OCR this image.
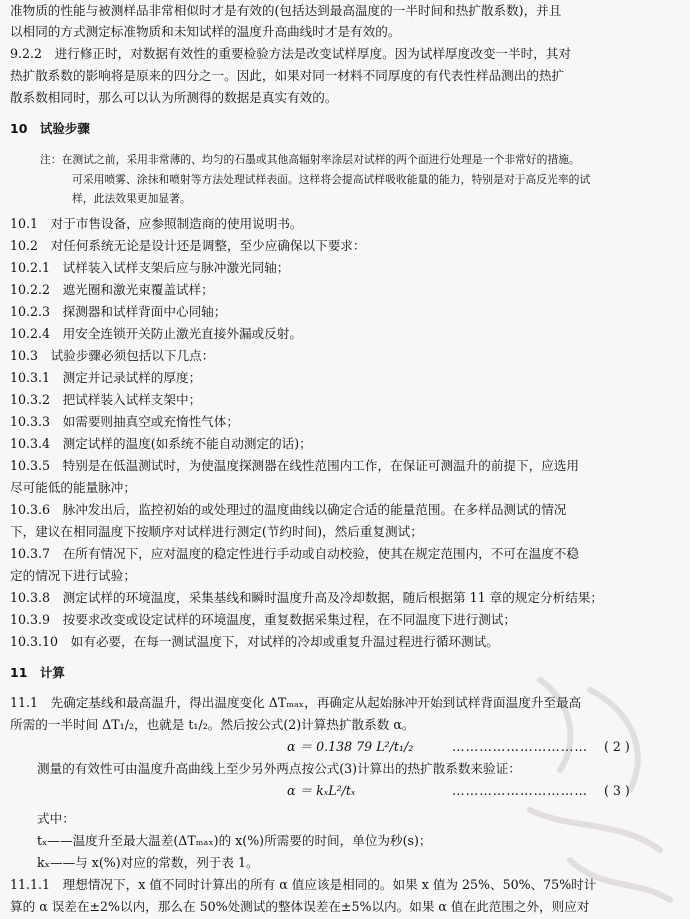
准物质的性能与被测样品非常相似时才是有效的(包括达到最高温度的一半时间和热扩散系数)，并且
以相同的方式测定标准物质和未知试样的温度升高曲线时才是有效的。
9.2.2　进行修正时，对数据有效性的重要检验方法是改变试样厚度。因为试样厚度改变一半时，其对
热扩散系数的影响将是原来的四分之一。因此，如果对同一材料不同厚度的有代表性样品测出的热扩
散系数相同时，那么可以认为所测得的数据是真实有效的。
10　试验步骤
注：在测试之前，采用非常薄的、均匀的石墨或其他高辐射率涂层对试样的两个面进行处理是一个非常好的措施。
可采用喷雾、涂抹和喷射等方法处理试样表面。这样将会提高试样吸收能量的能力，特别是对于高反光率的试
样，此法效果更加显著。
10.1　对于市售设备，应参照制造商的使用说明书。
10.2　对任何系统无论是设计还是调整，至少应确保以下要求：
10.2.1　试样装入试样支架后应与脉冲激光同轴；
10.2.2　遮光圈和激光束覆盖试样；
10.2.3　探测器和试样背面中心同轴；
10.2.4　用安全连锁开关防止激光直接外漏或反射。
10.3　试验步骤必须包括以下几点：
10.3.1　测定并记录试样的厚度；
10.3.2　把试样装入试样支架中；
10.3.3　如需要则抽真空或充惰性气体；
10.3.4　测定试样的温度(如系统不能自动测定的话)；
10.3.5　特别是在低温测试时，为使温度探测器在线性范围内工作，在保证可测温升的前提下，应选用
尽可能低的能量脉冲；
10.3.6　脉冲发出后，监控初始的或处理过的温度曲线以确定合适的能量范围。在多样品测试的情况
下，建议在相同温度下按顺序对试样进行测定(节约时间)，然后重复测试；
10.3.7　在所有情况下，应对温度的稳定性进行手动或自动校验，使其在规定范围内，不可在温度不稳
定的情况下进行试验；
10.3.8　测定试样的环境温度，采集基线和瞬时温度升高及冷却数据，随后根据第 11 章的规定分析结果；
10.3.9　按要求改变或设定试样的环境温度，重复数据采集过程，在不同温度下进行测试；
10.3.10　如有必要，在每一测试温度下，对试样的冷却或重复升温过程进行循环测试。
11　计算
11.1　先确定基线和最高温升，得出温度变化 ΔTₘₐₓ，再确定从起始脉冲开始到试样背面温度升至最高
所需的一半时间 ΔT₁/₂，也就是 t₁/₂。然后按公式(2)计算热扩散系数 α。
α ＝ 0.138 79 L²/t₁/₂	………………………… ( 2 )
测量的有效性可由温度升高曲线上至少另外两点按公式(3)计算出的热扩散系数来验证：
α ＝ kₓL²/tₓ	………………………… ( 3 )
式中：
tₓ——温度升至最大温差(ΔTₘₐₓ)的 x(%)所需要的时间，单位为秒(s)；
kₓ——与 x(%)对应的常数，列于表 1。
11.1.1　理想情况下，x 值不同时计算出的所有 α 值应该是相同的。如果 x 值为 25%、50%、75%时计
算的 α 误差在±2%以内，那么在 50%处测试的整体误差在±5%以内。如果 α 值在此范围之外，则应对
